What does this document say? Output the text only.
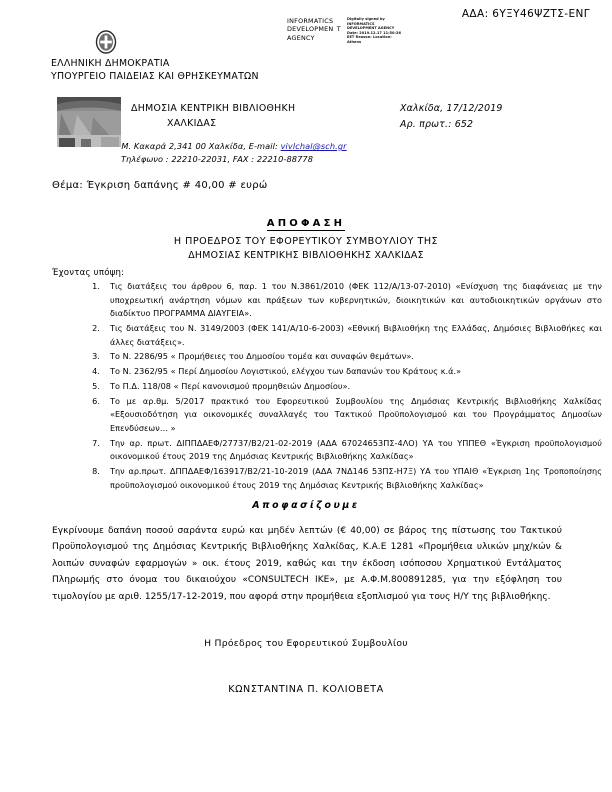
ΑΔΑ: 6ΥΞΥ46ΨΖΤΣ-ΕΝΓ
INFORMATICS DEVELOPMEN T AGENCY
Digitally signed by INFORMATICS DEVELOPMENT AGENCY Date: 2019.12.17 11:50:26 EET Reason: Location: Athens
ΕΛΛΗΝΙΚΗ ΔΗΜΟΚΡΑΤΙΑ
ΥΠΟΥΡΓΕΙΟ ΠΑΙΔΕΙΑΣ ΚΑΙ ΘΡΗΣΚΕΥΜΑΤΩΝ
ΔΗΜΟΣΙΑ ΚΕΝΤΡΙΚΗ ΒΙΒΛΙΟΘΗΚΗ
ΧΑΛΚΙΔΑΣ
Χαλκίδα, 17/12/2019
Αρ. πρωτ.: 652
Μ. Κακαρά 2,341 00 Χαλκίδα, E-mail: vivlchal@sch.gr
Τηλέφωνο : 22210-22031, FAX : 22210-88778
Θέμα: Έγκριση δαπάνης # 40,00 # ευρώ
ΑΠΟΦΑΣΗ
Η ΠΡΟΕΔΡΟΣ ΤΟΥ ΕΦΟΡΕΥΤΙΚΟΥ ΣΥΜΒΟΥΛΙΟΥ ΤΗΣ
ΔΗΜΟΣΙΑΣ ΚΕΝΤΡΙΚΗΣ ΒΙΒΛΙΟΘΗΚΗΣ ΧΑΛΚΙΔΑΣ
Έχοντας υπόψη:
Τις διατάξεις του άρθρου 6, παρ. 1 του Ν.3861/2010 (ΦΕΚ 112/Α/13-07-2010) «Ενίσχυση της διαφάνειας με την υποχρεωτική ανάρτηση νόμων και πράξεων των κυβερνητικών, διοικητικών και αυτοδιοικητικών οργάνων στο διαδίκτυο ΠΡΟΓΡΑΜΜΑ ΔΙΑΥΓΕΙΑ».
Τις διατάξεις του Ν. 3149/2003 (ΦΕΚ 141/Α/10-6-2003) «Εθνική Βιβλιοθήκη της Ελλάδας, Δημόσιες Βιβλιοθήκες και άλλες διατάξεις».
Το Ν. 2286/95 « Προμήθειες του Δημοσίου τομέα και συναφών θεμάτων».
Το Ν. 2362/95 « Περί Δημοσίου Λογιστικού, ελέγχου των δαπανών του Κράτους κ.ά.»
Το Π.Δ. 118/08 « Περί κανονισμού προμηθειών Δημοσίου».
Το με αρ.θμ. 5/2017 πρακτικό του Εφορευτικού Συμβουλίου της Δημόσιας Κεντρικής Βιβλιοθήκης Χαλκίδας «Εξουσιοδότηση για οικονομικές συναλλαγές του Τακτικού Προϋπολογισμού και του Προγράμματος Δημοσίων Επενδύσεων… »
Την αρ. πρωτ. ΔΙΠΠΔΑΕΦ/27737/Β2/21-02-2019 (ΑΔΑ 67024653ΠΣ-4ΛΟ) ΥΑ του ΥΠΠΕΘ «Έγκριση προϋπολογισμού οικονομικού έτους 2019 της Δημόσιας Κεντρικής Βιβλιοθήκης Χαλκίδας»
Την αρ.πρωτ. ΔΠΠΔΑΕΦ/163917/Β2/21-10-2019 (ΑΔΑ 7ΝΔ146 53ΠΣ-Η7Ξ) ΥΑ του ΥΠΑΙΘ «Έγκριση 1ης Τροποποίησης προϋπολογισμού οικονομικού έτους 2019 της Δημόσιας Κεντρικής Βιβλιοθήκης Χαλκίδας»
Αποφασίζουμε
Εγκρίνουμε δαπάνη ποσού σαράντα ευρώ και μηδέν λεπτών (€ 40,00) σε βάρος της πίστωσης του Τακτικού Προϋπολογισμού της Δημόσιας Κεντρικής Βιβλιοθήκης Χαλκίδας, Κ.Α.Ε 1281 «Προμήθεια υλικών μηχ/κών & λοιπών συναφών εφαρμογών » οικ. έτους 2019, καθώς και την έκδοση ισόποσου Χρηματικού Εντάλματος Πληρωμής στο όνομα του δικαιούχου «CONSULTECH ΙΚΕ», με Α.Φ.Μ.800891285, για την εξόφληση του τιμολογίου με αριθ. 1255/17-12-2019, που αφορά στην προμήθεια εξοπλισμού για τους Η/Υ της βιβλιοθήκης.
Η Πρόεδρος του Εφορευτικού Συμβουλίου
ΚΩΝΣΤΑΝΤΙΝΑ Π. ΚΟΛΙΟΒΕΤΑ
